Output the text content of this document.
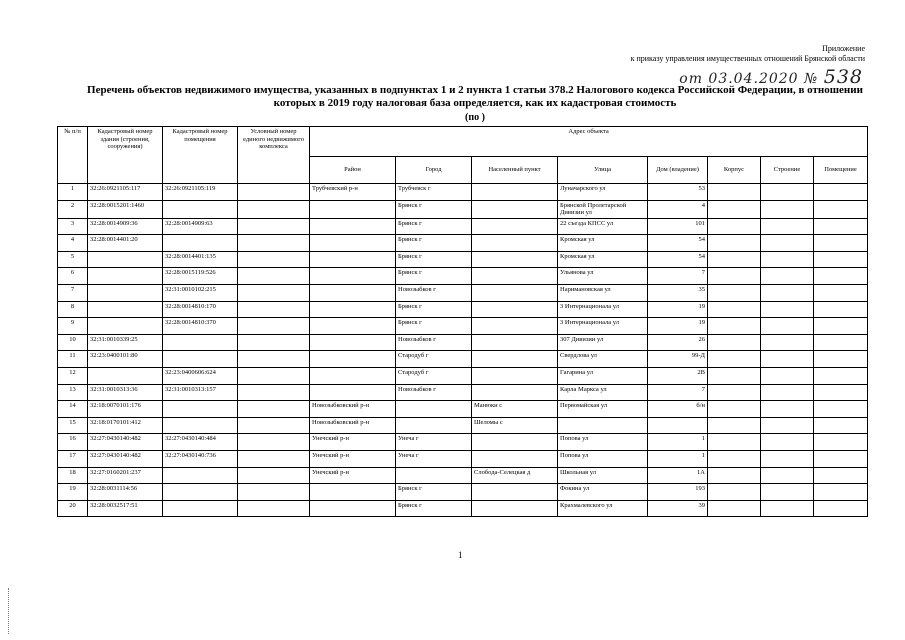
Приложение
к приказу управления имущественных отношений Брянской области
от 03.04.2020 № 538
Перечень объектов недвижимого имущества, указанных в подпунктах 1 и 2 пункта 1 статьи 378.2 Налогового кодекса Российской Федерации, в отношении
которых в 2019 году налоговая база определяется, как их кадастровая стоимость
(по )
№ п/п	Кадастровый номер здания (строения, сооружения)	Кадастровый номер помещения	Условный номер единого недвижимого комплекса	Адрес объекта							
				Район	Город	Населенный пункт	Улица	Дом (владение)	Корпус	Строение	Помещение
1	32:26:0921105:117	32:26:0921105:119		Трубчевский р-н	Трубчевск г		Луначарского ул	53			
2	32:28:0015201:1460				Брянск г		Брянской Пролетарской Дивизии ул	4			
3	32:28:0014909:36	32:28:0014909:63			Брянск г		22 съезда КПСС ул	101			
4	32:28:0014401:20				Брянск г		Кромская ул	54			
5		32:28:0014401:135			Брянск г		Кромская ул	54			
6		32:28:0015119:526			Брянск г		Ульянова ул	7			
7		32:31:0010102:215			Новозыбков г		Наримановская ул	35			
8		32:28:0014810:170			Брянск г		3 Интернационала ул	19			
9		32:28:0014810:370			Брянск г		3 Интернационала ул	19			
10	32:31:0010339:25				Новозыбков г		307 Дивизии ул	26			
11	32:23:0400101:80				Стародуб г		Свердлова ул	99-Д			
12		32:23:0400606:624			Стародуб г		Гагарина ул	2В			
13	32:31:0010313:36	32:31:0010313:157			Новозыбков г		Карла Маркса ул	7			
14	32:18:0070101:176			Новозыбковский р-н		Манюки с	Первомайская ул	б/н			
15	32:18:0170101:412			Новозыбковский р-н		Шеломы с					
16	32:27:0430140:482	32:27:0430140:484		Унечский р-н	Унеча г		Попова ул	1			
17	32:27:0430140:482	32:27:0430140:736		Унечский р-н	Унеча г		Попова ул	1			
18	32:27:0160201:237			Унечский р-н		Слобода-Селецкая д	Школьная ул	1А			
19	32:28:0031114:56				Брянск г		Фокина ул	193			
20	32:28:0032517:51				Брянск г		Крахмалевского ул	39			
1
